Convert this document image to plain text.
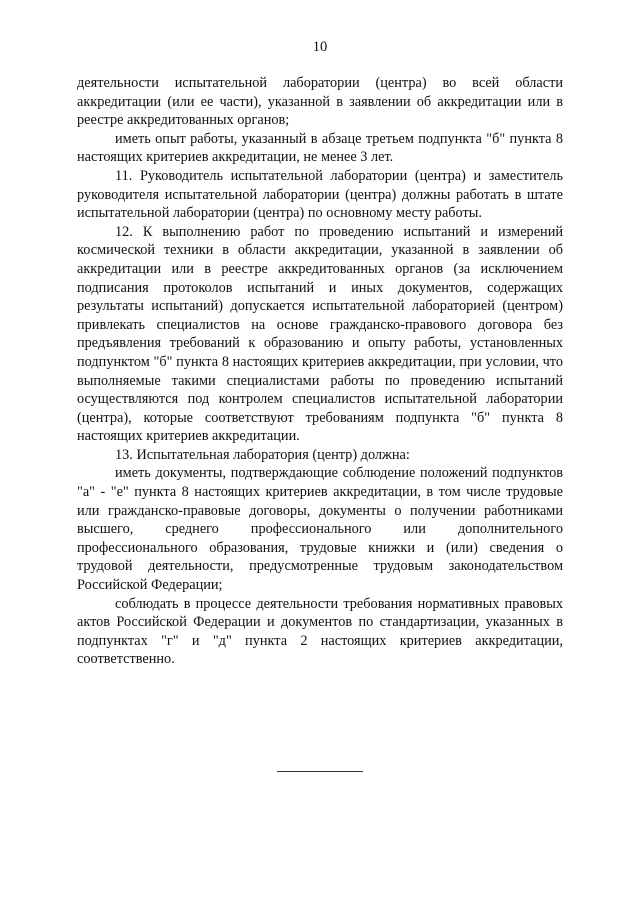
10

деятельности испытательной лаборатории (центра) во всей области аккредитации (или ее части), указанной в заявлении об аккредитации или в реестре аккредитованных органов;

иметь опыт работы, указанный в абзаце третьем подпункта "б" пункта 8 настоящих критериев аккредитации, не менее 3 лет.

11. Руководитель испытательной лаборатории (центра) и заместитель руководителя испытательной лаборатории (центра) должны работать в штате испытательной лаборатории (центра) по основному месту работы.

12. К выполнению работ по проведению испытаний и измерений космической техники в области аккредитации, указанной в заявлении об аккредитации или в реестре аккредитованных органов (за исключением подписания протоколов испытаний и иных документов, содержащих результаты испытаний) допускается испытательной лабораторией (центром) привлекать специалистов на основе гражданско-правового договора без предъявления требований к образованию и опыту работы, установленных подпунктом "б" пункта 8 настоящих критериев аккредитации, при условии, что выполняемые такими специалистами работы по проведению испытаний осуществляются под контролем специалистов испытательной лаборатории (центра), которые соответствуют требованиям подпункта "б" пункта 8 настоящих критериев аккредитации.

13. Испытательная лаборатория (центр) должна:

иметь документы, подтверждающие соблюдение положений подпунктов "а" - "е" пункта 8 настоящих критериев аккредитации, в том числе трудовые или гражданско-правовые договоры, документы о получении работниками высшего, среднего профессионального или дополнительного профессионального образования, трудовые книжки и (или) сведения о трудовой деятельности, предусмотренные трудовым законодательством Российской Федерации;

соблюдать в процессе деятельности требования нормативных правовых актов Российской Федерации и документов по стандартизации, указанных в подпунктах "г" и "д" пункта 2 настоящих критериев аккредитации, соответственно.
